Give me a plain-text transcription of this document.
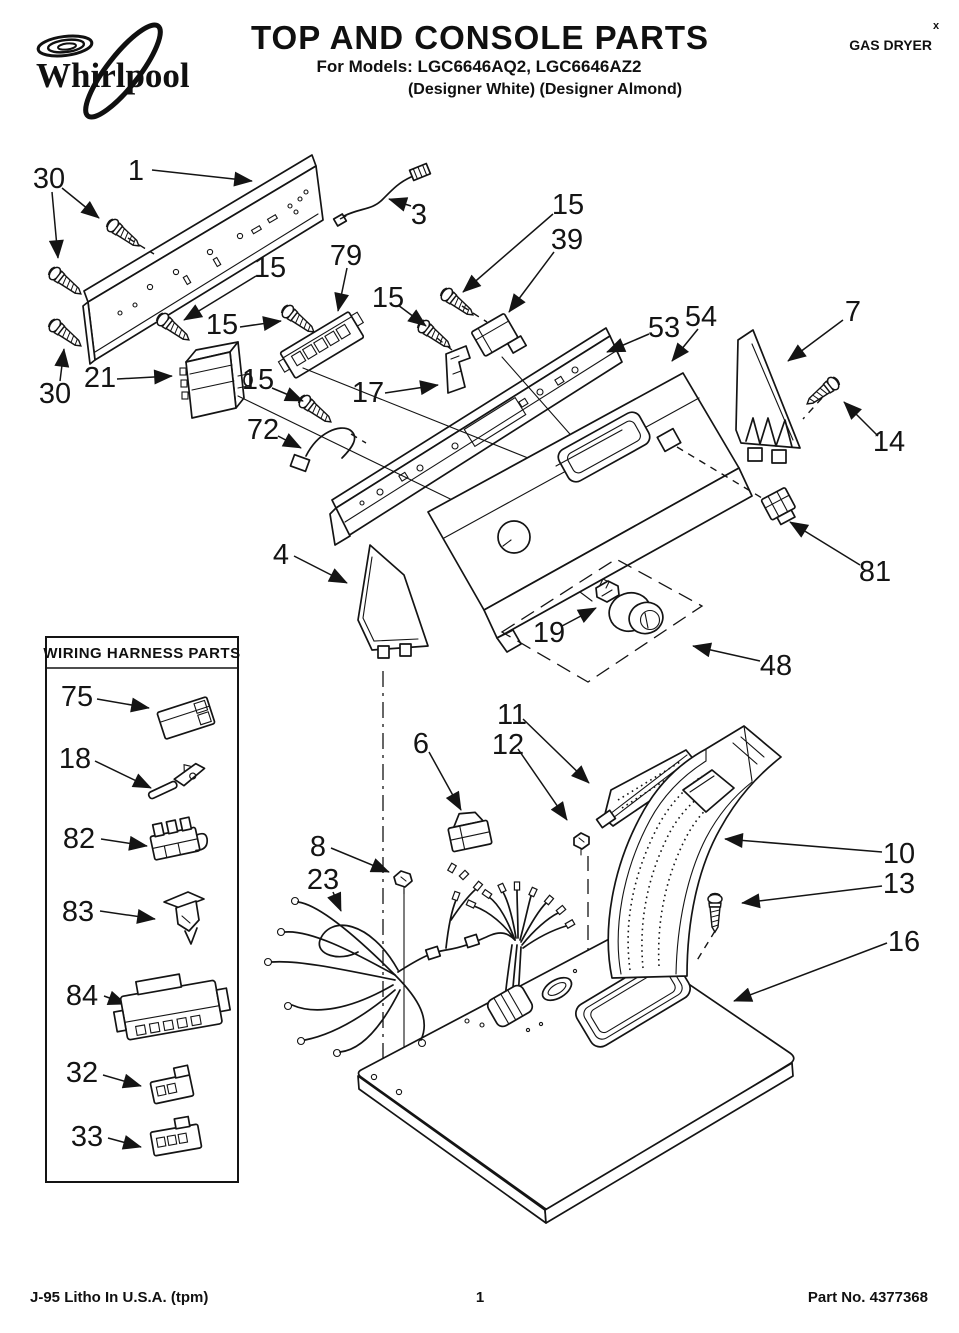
Whirlpool
TOP AND CONSOLE PARTS
For Models: LGC6646AQ2, LGC6646AZ2
(Designer White) (Designer Almond)
GAS DRYER
x
1
30
30
3
15
15
15
15
15
79	39
21	17
72
53 54	7
14
4
81
19
48
11
12
6
8
23
10
13
16
WIRING HARNESS PARTS
75
18
82
83
84
32
33
J-95 Litho In U.S.A. (tpm)	1	Part No. 4377368
